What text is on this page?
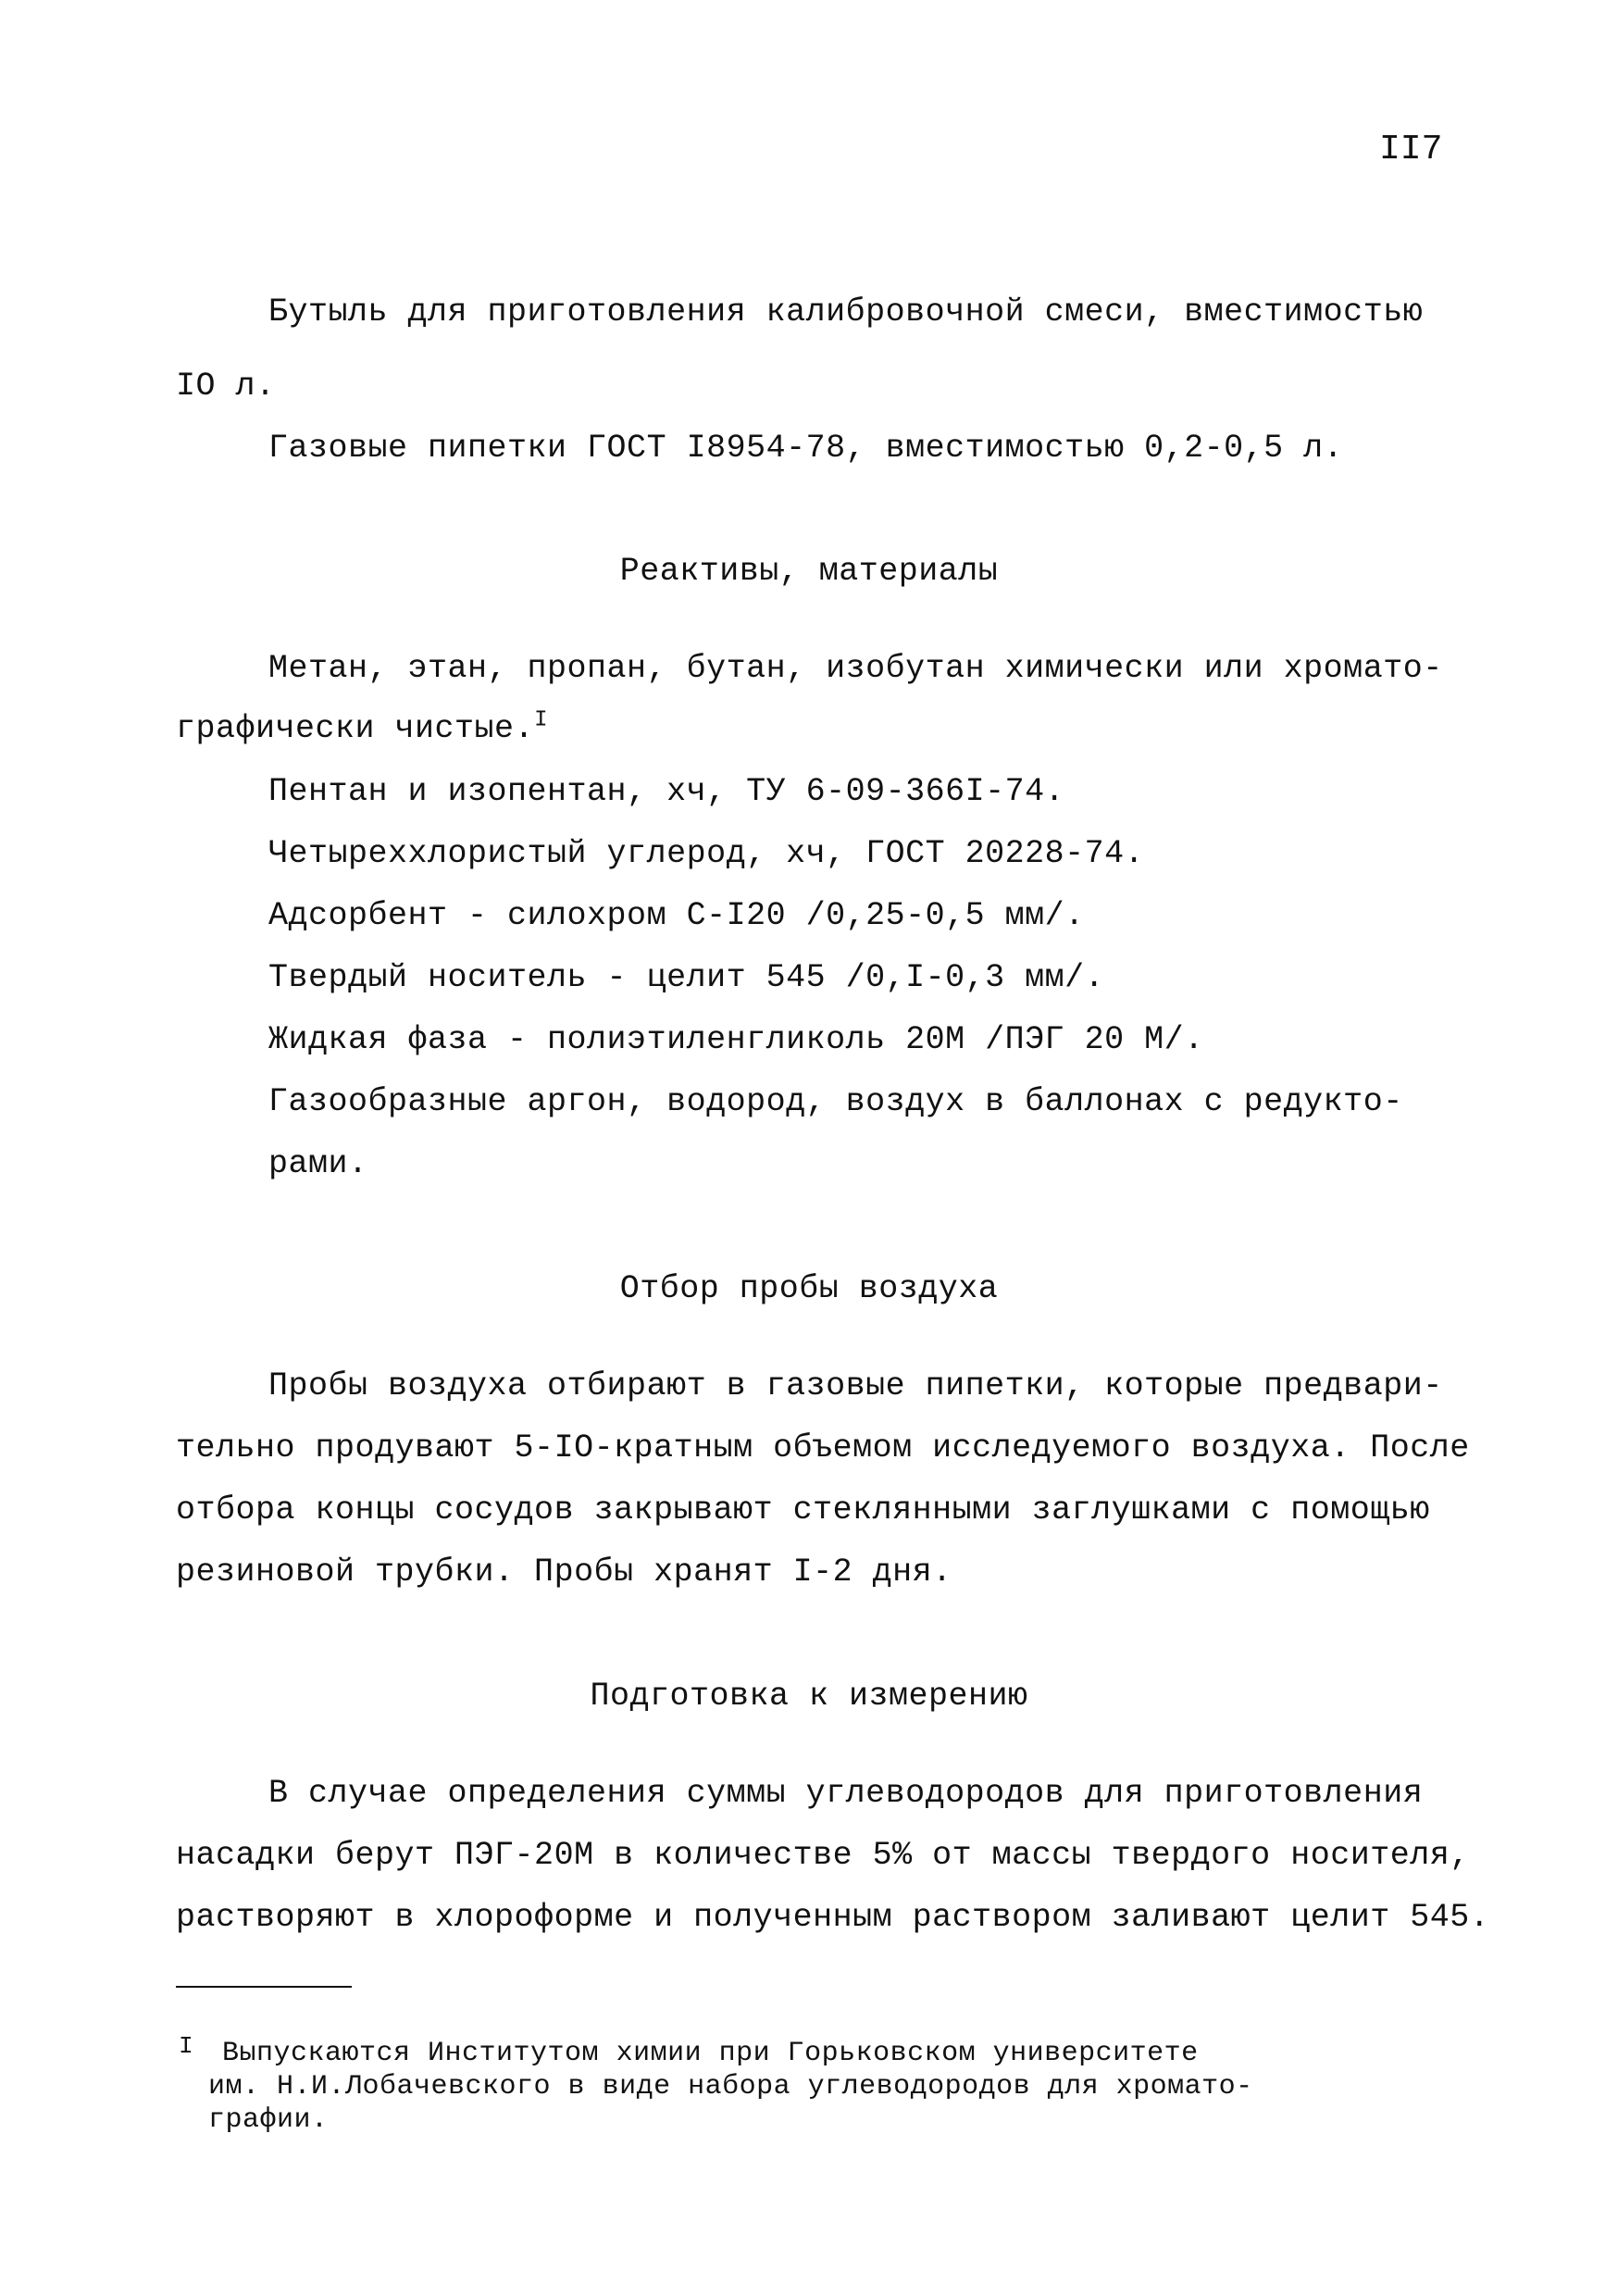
II7
Бутыль для приготовления калибровочной смеси, вместимостью
IO л.
Газовые пипетки ГОСТ I8954-78, вместимостью 0,2-0,5 л.
Реактивы, материалы
Метан, этан, пропан, бутан, изобутан химически или хромато-
графически чистые.$^I$
Пентан и изопентан, хч, ТУ 6-09-366I-74.
Четыреххлористый углерод, хч, ГОСТ 20228-74.
Адсорбент - силохром С-I20 /0,25-0,5 мм/.
Твердый носитель - целит 545 /0,I-0,3 мм/.
Жидкая фаза - полиэтиленгликоль 20М /ПЭГ 20 М/.
Газообразные аргон, водород, воздух в баллонах с редукто-
рами.
Отбор пробы воздуха
Пробы воздуха отбирают в газовые пипетки, которые предвари-
тельно продувают 5-IO-кратным объемом исследуемого воздуха. После
отбора концы сосудов закрывают стеклянными заглушками с помощью
резиновой трубки. Пробы хранят I-2 дня.
Подготовка к измерению
В случае определения суммы углеводородов для приготовления
насадки берут ПЭГ-20М в количестве 5% от массы твердого носителя,
растворяют в хлороформе и полученным раствором заливают целит 545.
I Выпускаются Институтом химии при Горьковском университете
им. Н.И.Лобачевского в виде набора углеводородов для хромато-
графии.
